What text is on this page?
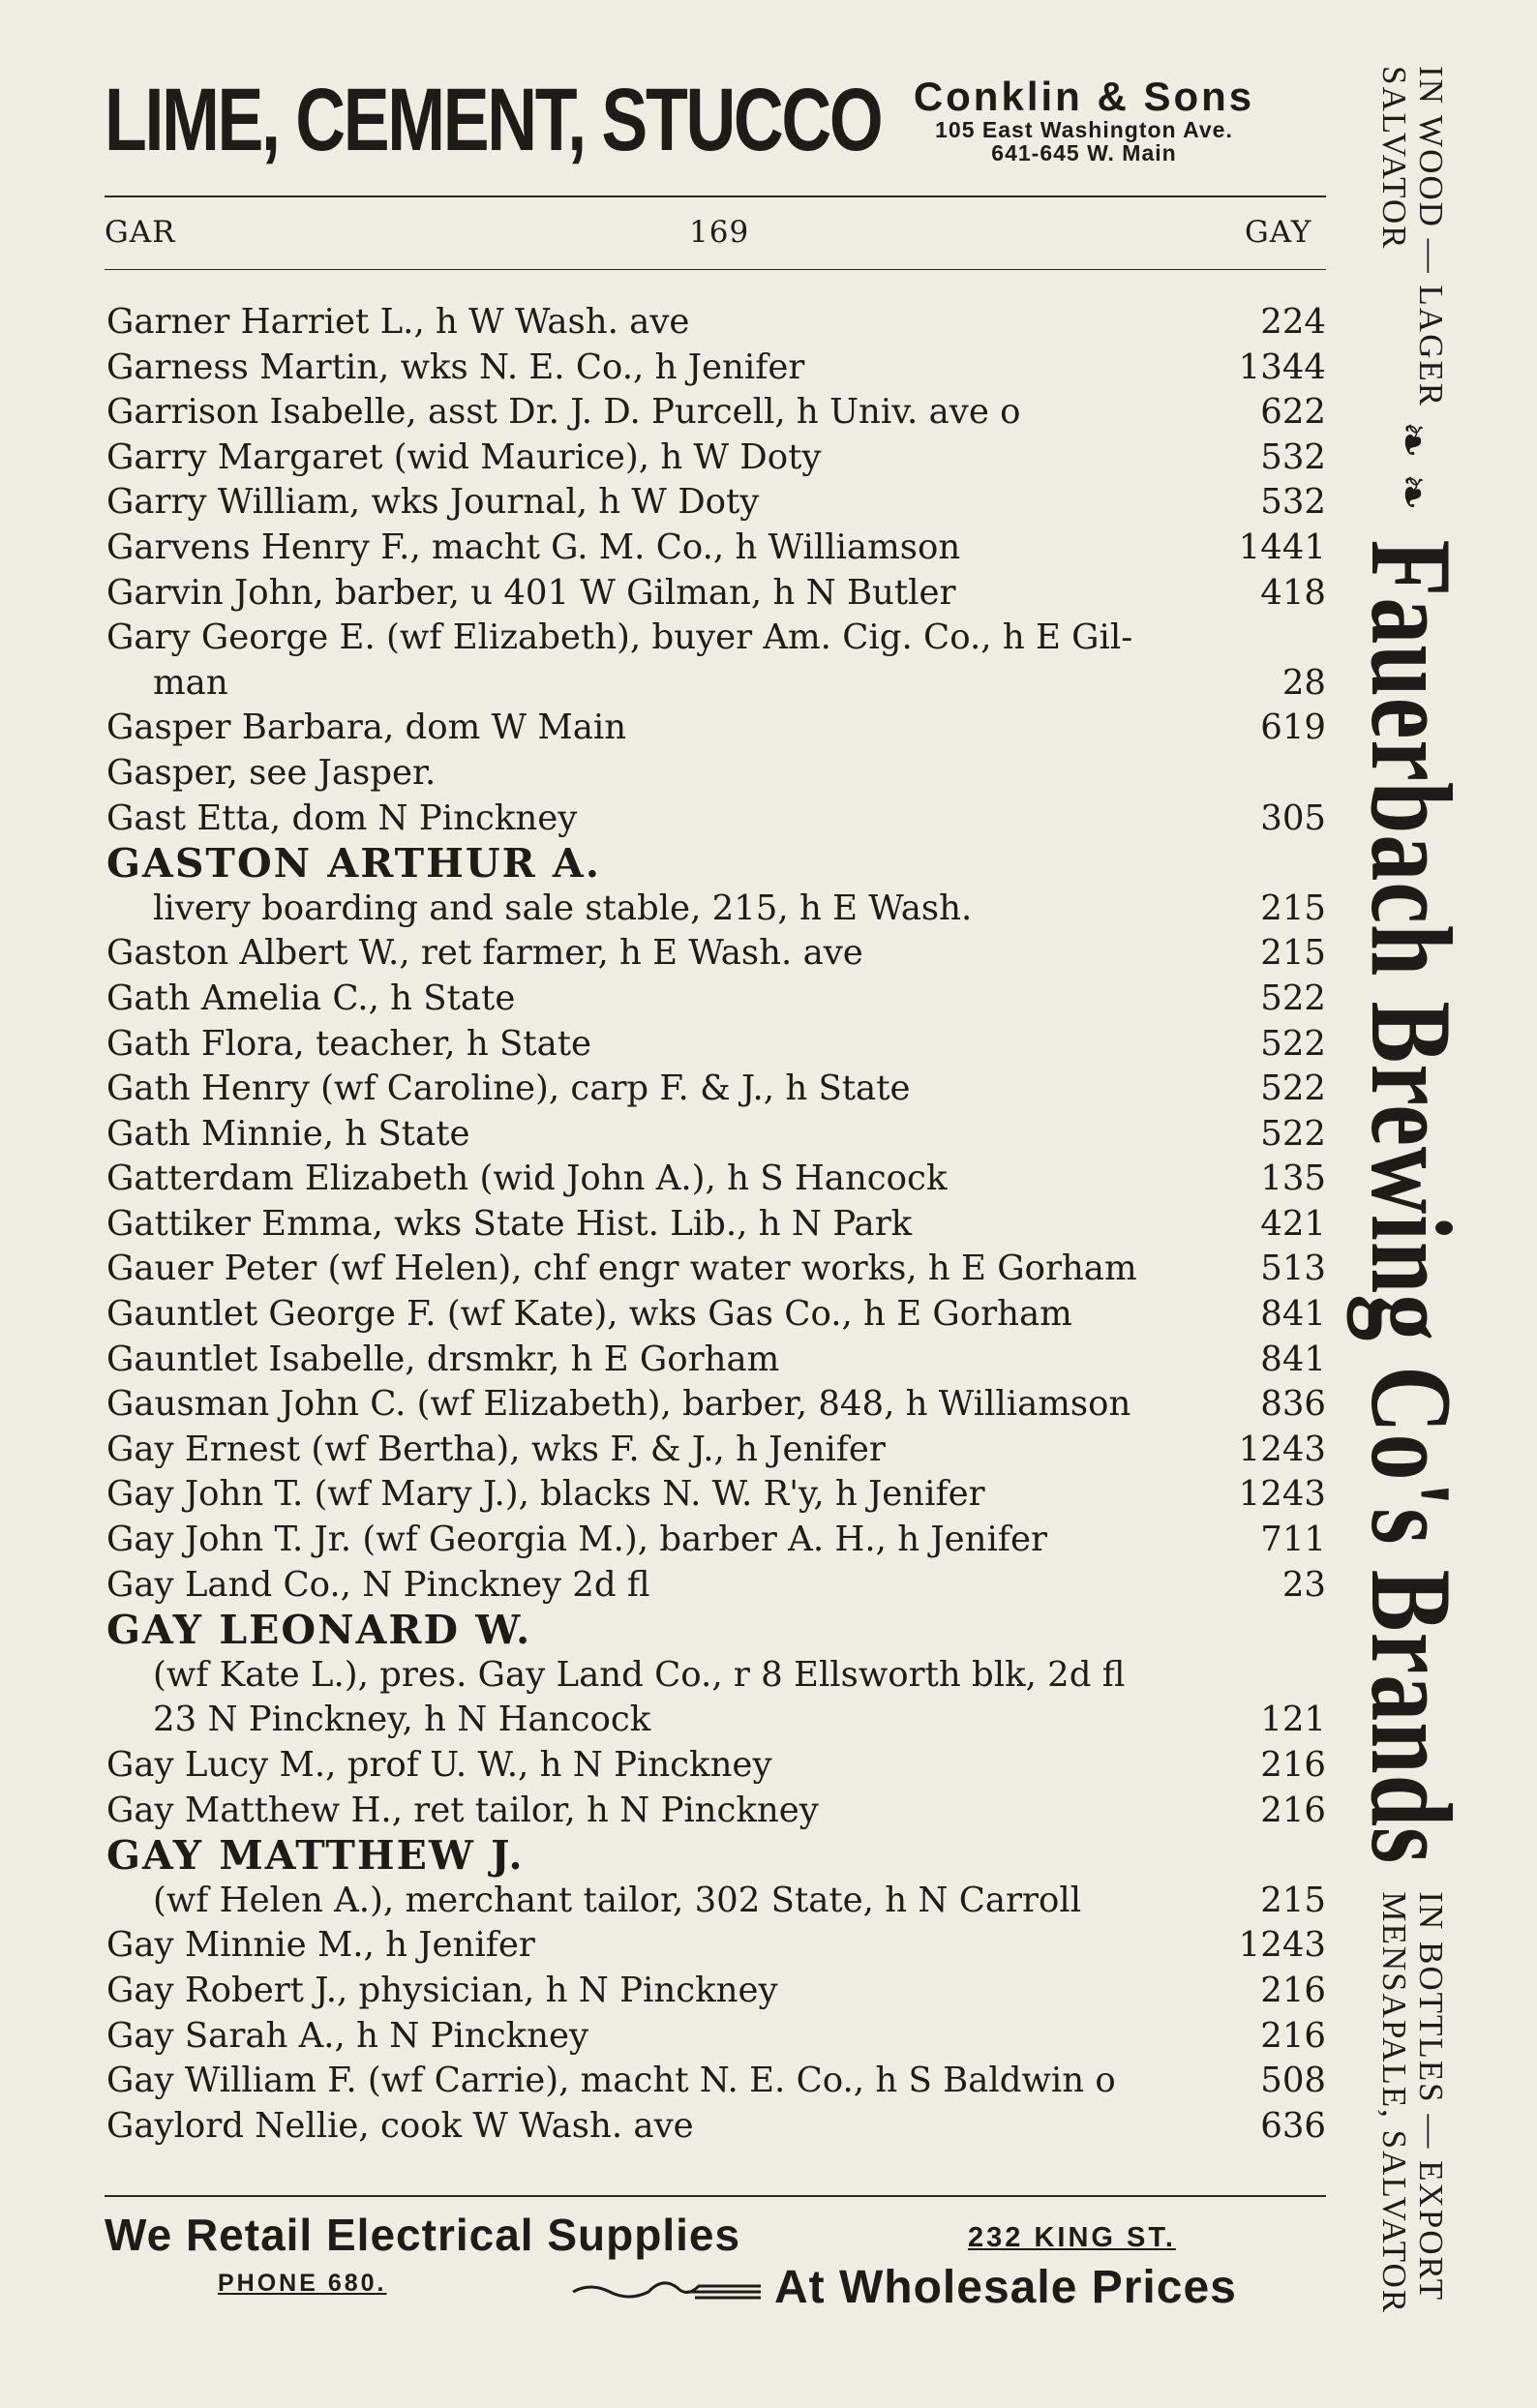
LIME, CEMENT, STUCCO Conklin & Sons
105 East Washington Ave.
641-645 W. Main
GAR	169	GAY
Garner Harriet L., h W Wash. ave	224
Garness Martin, wks N. E. Co., h Jenifer	1344
Garrison Isabelle, asst Dr. J. D. Purcell, h Univ. ave o	622
Garry Margaret (wid Maurice), h W Doty	532
Garry William, wks Journal, h W Doty	532
Garvens Henry F., macht G. M. Co., h Williamson	1441
Garvin John, barber, u 401 W Gilman, h N Butler	418
Gary George E. (wf Elizabeth), buyer Am. Cig. Co., h E Gil-
man	28
Gasper Barbara, dom W Main	619
Gasper, see Jasper.
Gast Etta, dom N Pinckney	305
GASTON ARTHUR A.
livery boarding and sale stable, 215, h E Wash.	215
Gaston Albert W., ret farmer, h E Wash. ave	215
Gath Amelia C., h State	522
Gath Flora, teacher, h State	522
Gath Henry (wf Caroline), carp F. & J., h State	522
Gath Minnie, h State	522
Gatterdam Elizabeth (wid John A.), h S Hancock	135
Gattiker Emma, wks State Hist. Lib., h N Park	421
Gauer Peter (wf Helen), chf engr water works, h E Gorham	513
Gauntlet George F. (wf Kate), wks Gas Co., h E Gorham	841
Gauntlet Isabelle, drsmkr, h E Gorham	841
Gausman John C. (wf Elizabeth), barber, 848, h Williamson	836
Gay Ernest (wf Bertha), wks F. & J., h Jenifer	1243
Gay John T. (wf Mary J.), blacks N. W. R'y, h Jenifer	1243
Gay John T. Jr. (wf Georgia M.), barber A. H., h Jenifer	711
Gay Land Co., N Pinckney 2d fl	23
GAY LEONARD W.
(wf Kate L.), pres. Gay Land Co., r 8 Ellsworth blk, 2d fl
23 N Pinckney, h N Hancock	121
Gay Lucy M., prof U. W., h N Pinckney	216
Gay Matthew H., ret tailor, h N Pinckney	216
GAY MATTHEW J.
(wf Helen A.), merchant tailor, 302 State, h N Carroll	215
Gay Minnie M., h Jenifer	1243
Gay Robert J., physician, h N Pinckney	216
Gay Sarah A., h N Pinckney	216
Gay William F. (wf Carrie), macht N. E. Co., h S Baldwin o	508
Gaylord Nellie, cook W Wash. ave	636
We Retail Electrical Supplies	232 KING ST.
PHONE 680.	At Wholesale Prices
IN WOOD — LAGER
SALVATOR
❧ ❧
Fauerbach Brewing Co's Brands
IN BOTTLES — EXPORT
MENSAPALE, SALVATOR
